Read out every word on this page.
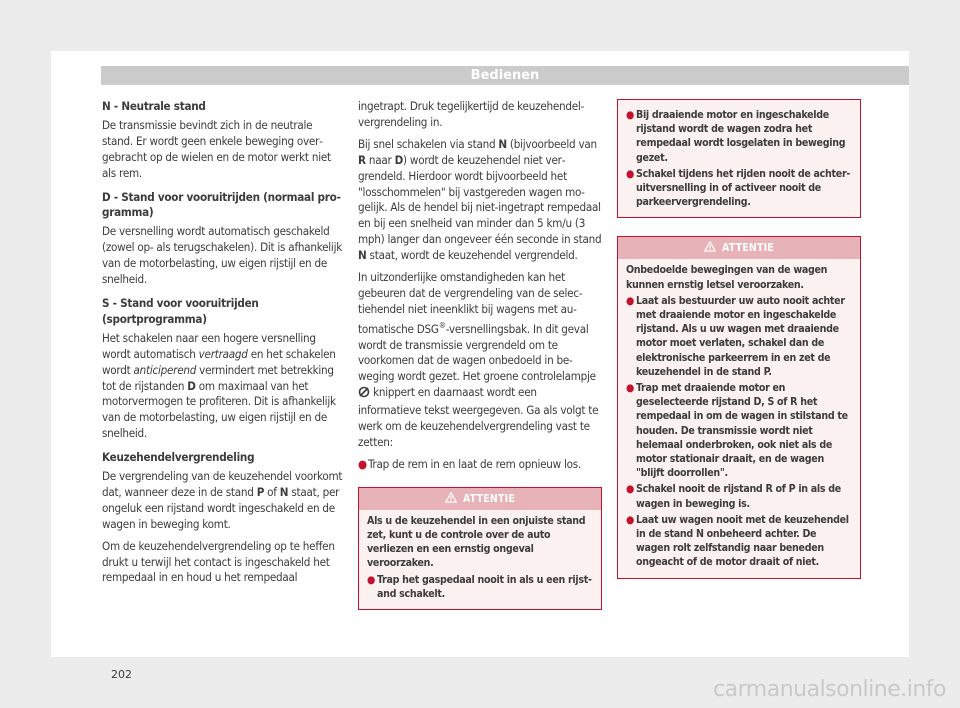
Bedienen

N - Neutrale stand

De transmissie bevindt zich in de neutrale stand. Er wordt geen enkele beweging overgebracht op de wielen en de motor werkt niet als rem.

D - Stand voor vooruitrijden (normaal programma)

De versnelling wordt automatisch geschakeld (zowel op- als terugschakelen). Dit is afhankelijk van de motorbelasting, uw eigen rijstijl en de snelheid.

S - Stand voor vooruitrijden (sportprogramma)

Het schakelen naar een hogere versnelling wordt automatisch vertraagd en het schakelen wordt anticiperend vermindert met betrekking tot de rijstanden D om maximaal van het motorvermogen te profiteren. Dit is afhankelijk van de motorbelasting, uw eigen rijstijl en de snelheid.

Keuzehendelvergrendeling

De vergrendeling van de keuzehendel voorkomt dat, wanneer deze in de stand P of N staat, per ongeluk een rijstand wordt ingeschakeld en de wagen in beweging komt.

Om de keuzehendelvergrendeling op te heffen drukt u terwijl het contact is ingeschakeld het rempedaal in en houd u het rempedaal

ingetrapt. Druk tegelijkertijd de keuzehendelvergrendeling in.

Bij snel schakelen via stand N (bijvoorbeeld van R naar D) wordt de keuzehendel niet vergrendeld. Hierdoor wordt bijvoorbeeld het "losschommelen" bij vastgereden wagen mogelijk. Als de hendel bij niet-ingetrapt rempedaal en bij een snelheid van minder dan 5 km/u (3 mph) langer dan ongeveer één seconde in stand N staat, wordt de keuzehendel vergrendeld.

In uitzonderlijke omstandigheden kan het gebeuren dat de vergrendeling van de selectiehendel niet ineenklikt bij wagens met automatische DSG®-versnellingsbak. In dit geval wordt de transmissie vergrendeld om te voorkomen dat de wagen onbedoeld in beweging wordt gezet. Het groene controlelampje  knippert en daarnaast wordt een informatieve tekst weergegeven. Ga als volgt te werk om de keuzehendelvergrendeling vast te zetten:

● Trap de rem in en laat de rem opnieuw los.

ATTENTIE

Als u de keuzehendel in een onjuiste stand zet, kunt u de controle over de auto verliezen en een ernstig ongeval veroorzaken.

● Trap het gaspedaal nooit in als u een rijstand schakelt.

● Bij draaiende motor en ingeschakelde rijstand wordt de wagen zodra het rempedaal wordt losgelaten in beweging gezet.

● Schakel tijdens het rijden nooit de achteruitversnelling in of activeer nooit de parkeervergrendeling.

ATTENTIE

Onbedoelde bewegingen van de wagen kunnen ernstig letsel veroorzaken.

● Laat als bestuurder uw auto nooit achter met draaiende motor en ingeschakelde rijstand. Als u uw wagen met draaiende motor moet verlaten, schakel dan de elektronische parkeerrem in en zet de keuzehendel in de stand P.

● Trap met draaiende motor en geselecteerde rijstand D, S of R het rempedaal in om de wagen in stilstand te houden. De transmissie wordt niet helemaal onderbroken, ook niet als de motor stationair draait, en de wagen "blijft doorrollen".

● Schakel nooit de rijstand R of P in als de wagen in beweging is.

● Laat uw wagen nooit met de keuzehendel in de stand N onbeheerd achter. De wagen rolt zelfstandig naar beneden ongeacht of de motor draait of niet.

202
carmanualsonline.info
